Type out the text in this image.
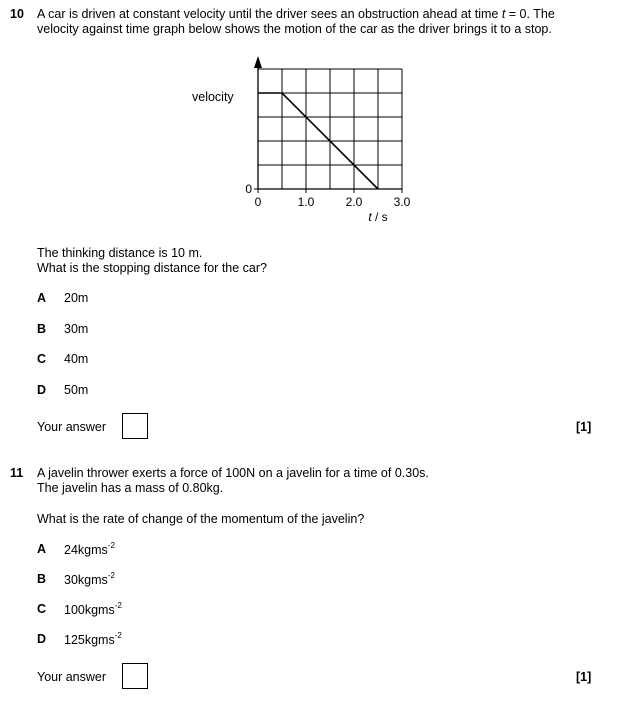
10 A car is driven at constant velocity until the driver sees an obstruction ahead at time t = 0. The
velocity against time graph below shows the motion of the car as the driver brings it to a stop.
velocity
0	1.0	2.0	3.0
0
t / s
The thinking distance is 10 m.
What is the stopping distance for the car?
A 20m
B 30m
C 40m
D 50m
Your answer	[1]
11 A javelin thrower exerts a force of 100N on a javelin for a time of 0.30s.
The javelin has a mass of 0.80kg.
What is the rate of change of the momentum of the javelin?
A 24kgms$^{-2}$
B 30kgms$^{-2}$
C 100kgms$^{-2}$
D 125kgms$^{-2}$
Your answer	[1]
